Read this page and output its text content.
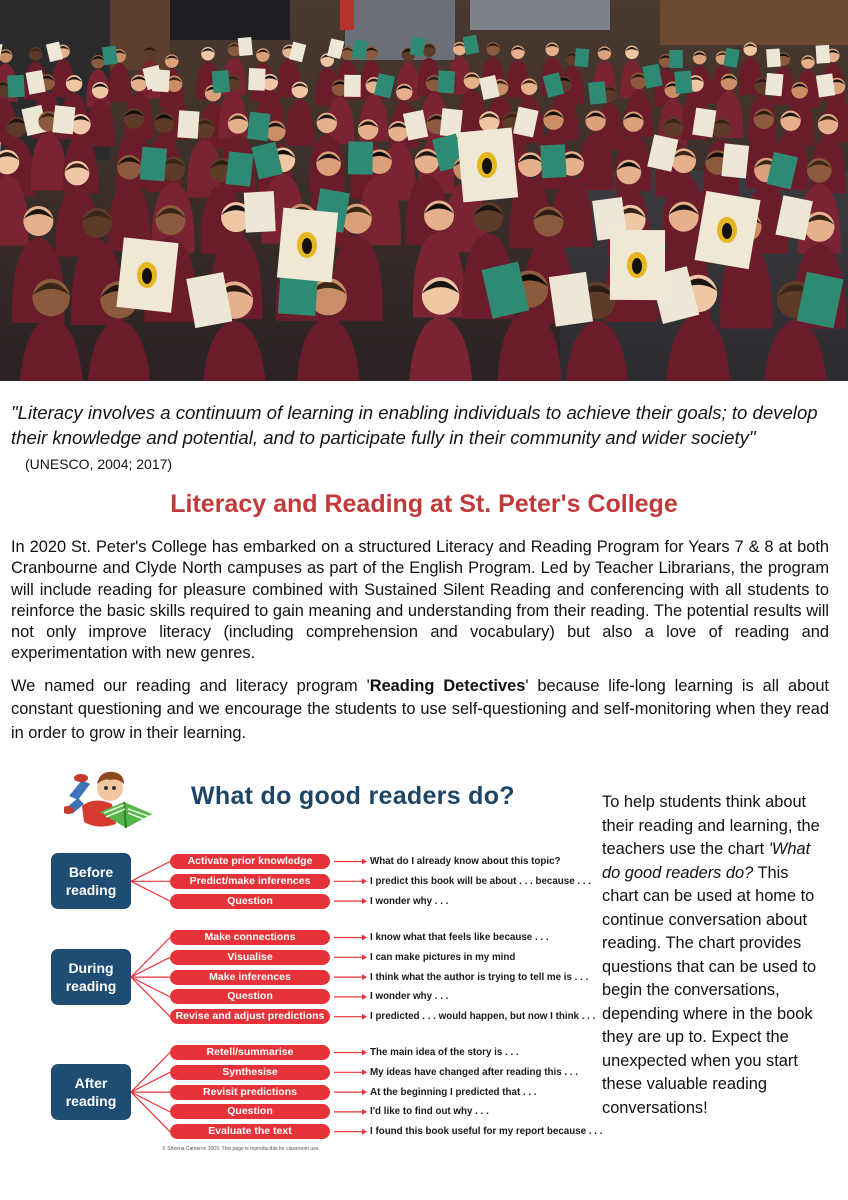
"Literacy involves a continuum of learning in enabling individuals to achieve their goals; to develop their knowledge and potential, and to participate fully in their community and wider society"(UNESCO, 2004; 2017)
Literacy and Reading at St. Peter's College
In 2020 St. Peter's College has embarked on a structured Literacy and Reading Program for Years 7 & 8 at both Cranbourne and Clyde North campuses as part of the English Program. Led by Teacher Librarians, the program will include reading for pleasure combined with Sustained Silent Reading and conferencing with all students to reinforce the basic skills required to gain meaning and understanding from their reading. The potential results will not only improve literacy (including comprehension and vocabulary) but also a love of reading and experimentation with new genres.
We named our reading and literacy program 'Reading Detectives' because life-long learning is all about constant questioning and we encourage the students to use self-questioning and self-monitoring when they read in order to grow in their learning.
What do good readers do?
Before
reading
Activate prior knowledge	What do I already know about this topic?
Predict/make inferences	I predict this book will be about . . . because . . .
Question	I wonder why . . .
During
reading
Make connections	I know what that feels like because . . .
Visualise	I can make pictures in my mind
Make inferences	I think what the author is trying to tell me is . . .
Question	I wonder why . . .
Revise and adjust predictions	I predicted . . . would happen, but now I think . . .
After
reading
Retell/summarise	The main idea of the story is . . .
Synthesise	My ideas have changed after reading this . . .
Revisit predictions	At the beginning I predicted that . . .
Question	I'd like to find out why . . .
Evaluate the text	I found this book useful for my report because . . .
© Sheena Cameron 2009. This page is reproducible for classroom use.
To help students think about their reading and learning, the teachers use the chart 'What do good readers do? This chart can be used at home to continue conversation about reading. The chart provides questions that can be used to begin the conversations, depending where in the book they are up to. Expect the unexpected when you start these valuable reading conversations!
